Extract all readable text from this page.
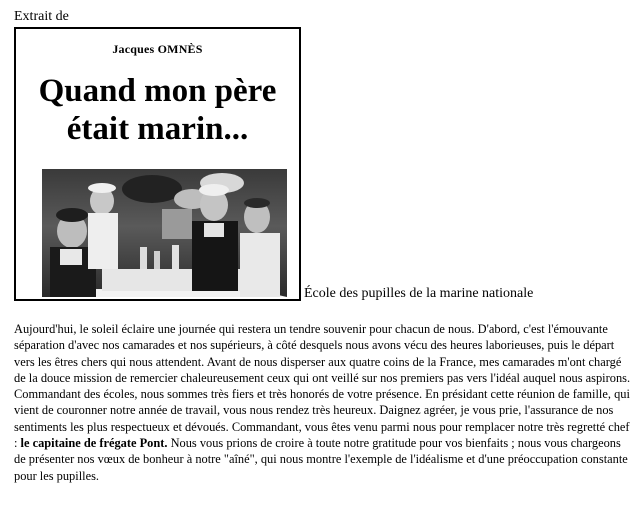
Extrait de
Jacques OMNÈS
Quand mon père
était marin...
École des pupilles de la marine nationale

Aujourd'hui, le soleil éclaire une journée qui restera un tendre souvenir pour chacun de nous. D'abord, c'est l'émouvante séparation d'avec nos camarades et nos supérieurs, à côté desquels nous avons vécu des heures laborieuses, puis le départ vers les êtres chers qui nous attendent. Avant de nous disperser aux quatre coins de la France, mes camarades m'ont chargé de la douce mission de remercier chaleureusement ceux qui ont veillé sur nos premiers pas vers l'idéal auquel nous aspirons. Commandant des écoles, nous sommes très fiers et très honorés de votre présence. En présidant cette réunion de famille, qui vient de couronner notre année de travail, vous nous rendez très heureux. Daignez agréer, je vous prie, l'assurance de nos sentiments les plus respectueux et dévoués. Commandant, vous êtes venu parmi nous pour remplacer notre très regretté chef : le capitaine de frégate Pont. Nous vous prions de croire à toute notre gratitude pour vos bienfaits ; nous vous chargeons de présenter nos vœux de bonheur à notre "aîné", qui nous montre l'exemple de l'idéalisme et d'une préoccupation constante pour les pupilles.
